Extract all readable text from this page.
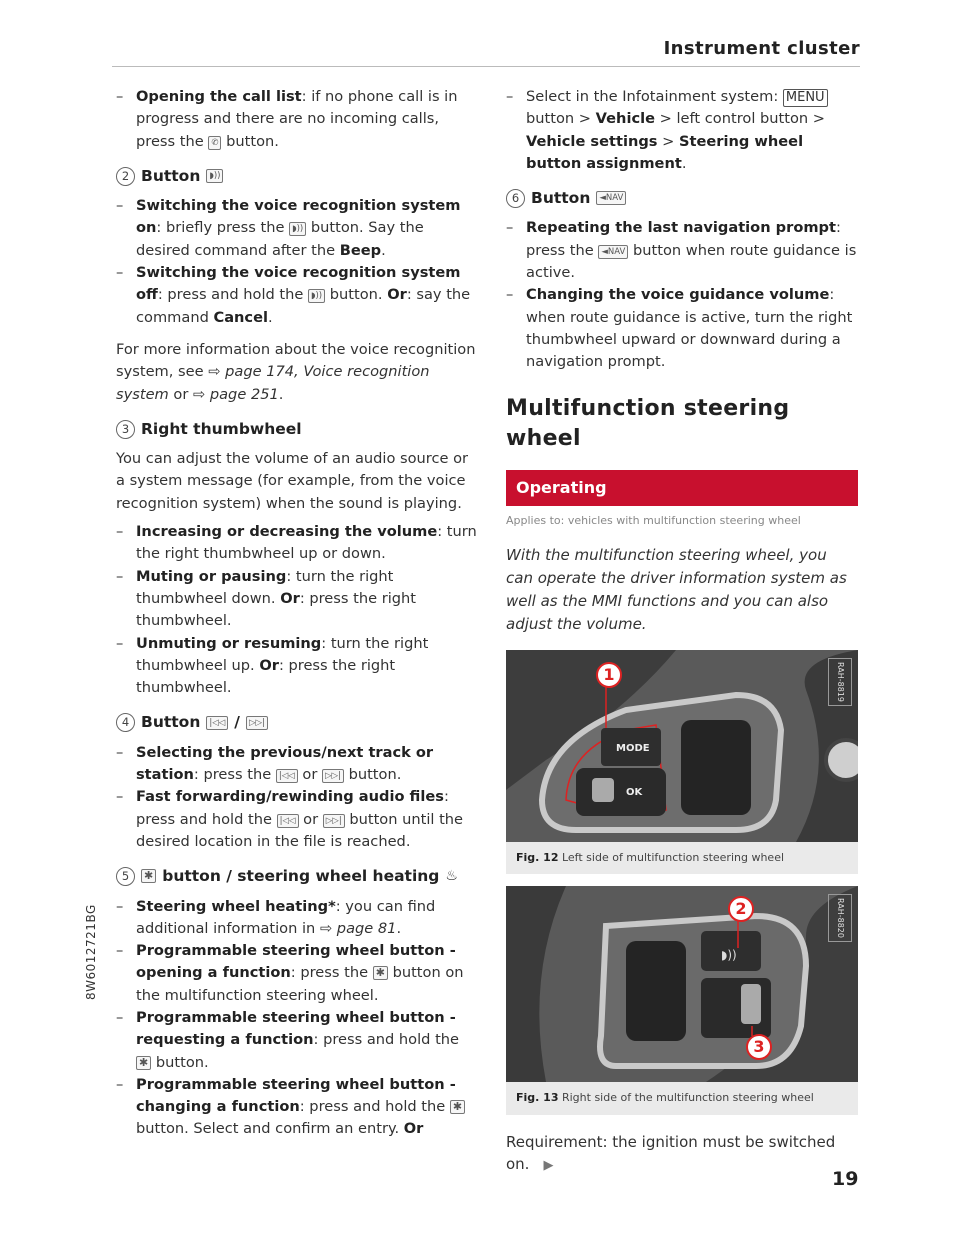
Instrument cluster
– Opening the call list: if no phone call is in progress and there are no incoming calls, press the ✆ button.
2 Button	◗))
– Switching the voice recognition system on: briefly press the ◗)) button. Say the desired command after the Beep.
– Switching the voice recognition system off: press and hold the ◗)) button. Or: say the command Cancel.

For more information about the voice recognition system, see ⇨ page 174, Voice recognition system or ⇨ page 251.

3 Right thumbwheel

You can adjust the volume of an audio source or a system message (for example, from the voice recognition system) when the sound is playing.

– Increasing or decreasing the volume: turn the right thumbwheel up or down.
– Muting or pausing: turn the right thumbwheel down. Or: press the right thumbwheel.
– Unmuting or resuming: turn the right thumbwheel up. Or: press the right thumbwheel.
4 Button	|◁◁ /	▷▷|
– Selecting the previous/next track or station: press the |◁◁ or ▷▷| button.
– Fast forwarding/rewinding audio files: press and hold the |◁◁ or ▷▷| button until the desired location in the file is reached.
5	✱ button / steering wheel heating ♨
– Steering wheel heating*: you can find additional information in ⇨ page 81.
– Programmable steering wheel button - opening a function: press the ✱ button on the multifunction steering wheel.
– Programmable steering wheel button - requesting a function: press and hold the ✱ button.
– Programmable steering wheel button - changing a function: press and hold the ✱ button. Select and confirm an entry. Or
– Select in the Infotainment system: MENU button > Vehicle > left control button > Vehicle settings > Steering wheel button assignment.
6 Button	◄NAV
– Repeating the last navigation prompt: press the ◄NAV button when route guidance is active.
– Changing the voice guidance volume: when route guidance is active, turn the right thumbwheel upward or downward during a navigation prompt.
Multifunction steering wheel
Operating
Applies to: vehicles with multifunction steering wheel

With the multifunction steering wheel, you can operate the driver information system as well as the MMI functions and you can also adjust the volume.

1
MODE
OK
RAH-8819
Fig. 12 Left side of multifunction steering wheel
2
3
◗))
RAH-8820
Fig. 13 Right side of the multifunction steering wheel

Requirement: the ignition must be switched on. ▶

8W6012721BG
19
